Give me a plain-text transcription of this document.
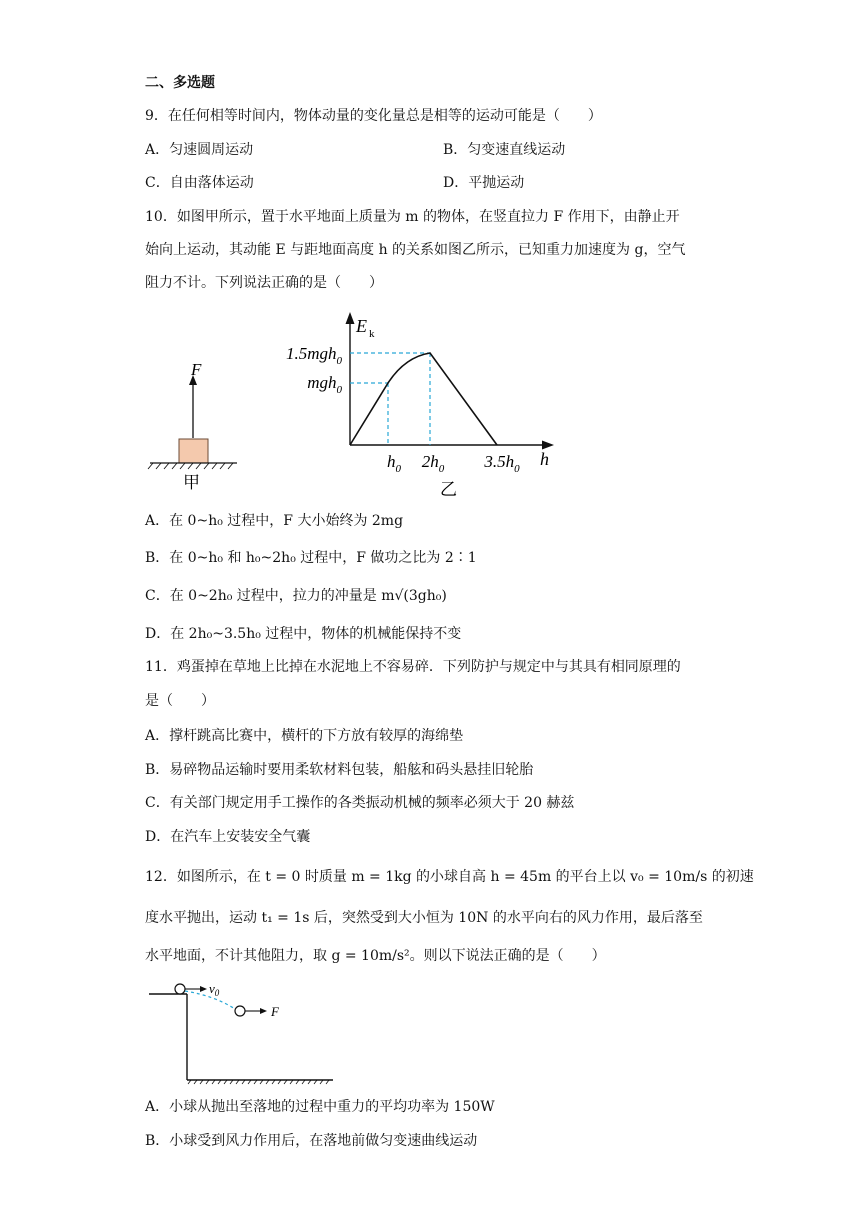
二、多选题
9．在任何相等时间内，物体动量的变化量总是相等的运动可能是（　　）
A．匀速圆周运动	B．匀变速直线运动
C．自由落体运动	D．平抛运动
10．如图甲所示，置于水平地面上质量为 m 的物体，在竖直拉力 F 作用下，由静止开
始向上运动，其动能 E 与距地面高度 h 的关系如图乙所示，已知重力加速度为 g，空气
阻力不计。下列说法正确的是（　　）
F
甲
E k
1.5mgh$_0$
mgh$_0$
$h_0$ $2h_0$ $3.5h_0$ h
乙
A．在 0~h₀ 过程中，F 大小始终为 2mg
B．在 0~h₀ 和 h₀~2h₀ 过程中，F 做功之比为 2∶1
C．在 0~2h₀ 过程中，拉力的冲量是 m√(3gh₀)
D．在 2h₀~3.5h₀ 过程中，物体的机械能保持不变
11．鸡蛋掉在草地上比掉在水泥地上不容易碎．下列防护与规定中与其具有相同原理的
是（　　）
A．撑杆跳高比赛中，横杆的下方放有较厚的海绵垫
B．易碎物品运输时要用柔软材料包装，船舷和码头悬挂旧轮胎
C．有关部门规定用手工操作的各类振动机械的频率必须大于 20 赫兹
D．在汽车上安装安全气囊
12．如图所示，在 t = 0 时质量 m = 1kg 的小球自高 h = 45m 的平台上以 v₀ = 10m/s 的初速
度水平抛出，运动 t₁ = 1s 后，突然受到大小恒为 10N 的水平向右的风力作用，最后落至
水平地面，不计其他阻力，取 g = 10m/s²。则以下说法正确的是（　　）
$v_0$
F
A．小球从抛出至落地的过程中重力的平均功率为 150W
B．小球受到风力作用后，在落地前做匀变速曲线运动
